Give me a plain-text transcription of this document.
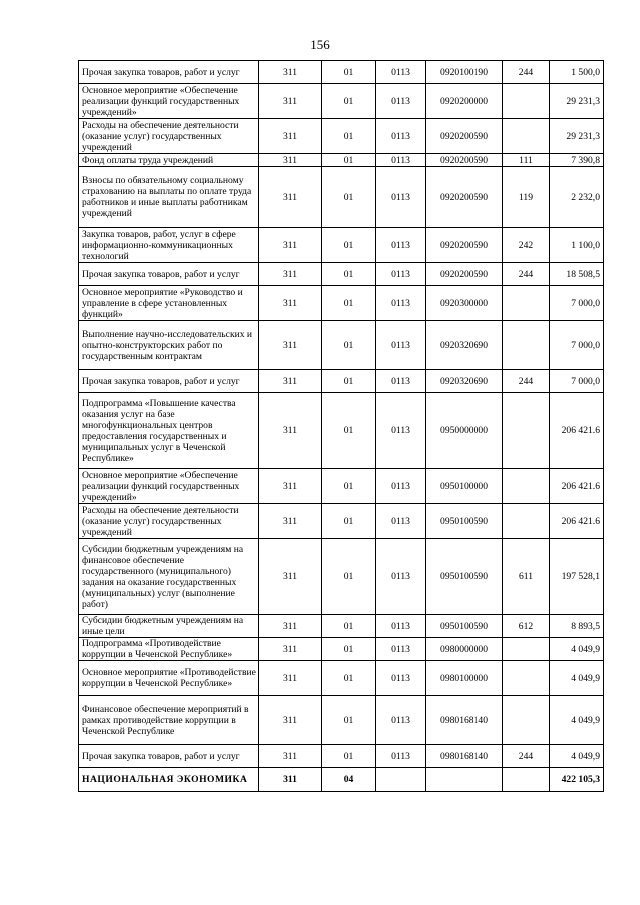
156
Прочая закупка товаров, работ и услуг	311	01	0113	0920100190	244	1 500,0
Основное мероприятие «Обеспечение реализации функций государственных учреждений»	311	01	0113	0920200000		29 231,3
Расходы на обеспечение деятельности (оказание услуг) государственных учреждений	311	01	0113	0920200590		29 231,3
Фонд оплаты труда учреждений	311	01	0113	0920200590	111	7 390,8
Взносы по обязательному социальному страхованию на выплаты по оплате труда работников и иные выплаты работникам учреждений	311	01	0113	0920200590	119	2 232,0
Закупка товаров, работ, услуг в сфере информационно-коммуникационных технологий	311	01	0113	0920200590	242	1 100,0
Прочая закупка товаров, работ и услуг	311	01	0113	0920200590	244	18 508,5
Основное мероприятие «Руководство и управление в сфере установленных функций»	311	01	0113	0920300000		7 000,0
Выполнение научно-исследовательских и опытно-конструкторских работ по государственным контрактам	311	01	0113	0920320690		7 000,0
Прочая закупка товаров, работ и услуг	311	01	0113	0920320690	244	7 000,0
Подпрограмма «Повышение качества оказания услуг на базе многофункциональных центров предоставления государственных и муниципальных услуг в Чеченской Республике»	311	01	0113	0950000000		206 421.6
Основное мероприятие «Обеспечение реализации функций государственных учреждений»	311	01	0113	0950100000		206 421.6
Расходы на обеспечение деятельности (оказание услуг) государственных учреждений	311	01	0113	0950100590		206 421.6
Субсидии бюджетным учреждениям на финансовое обеспечение государственного (муниципального) задания на оказание государственных (муниципальных) услуг (выполнение работ)	311	01	0113	0950100590	611	197 528,1
Субсидии бюджетным учреждениям на иные цели	311	01	0113	0950100590	612	8 893,5
Подпрограмма «Противодействие коррупции в Чеченской Республике»	311	01	0113	0980000000		4 049,9
Основное мероприятие «Противодействие коррупции в Чеченской Республике»	311	01	0113	0980100000		4 049,9
Финансовое обеспечение мероприятий в рамках противодействие коррупции в Чеченской Республике	311	01	0113	0980168140		4 049,9
Прочая закупка товаров, работ и услуг	311	01	0113	0980168140	244	4 049,9
НАЦИОНАЛЬНАЯ ЭКОНОМИКА	311	04				422 105,3
